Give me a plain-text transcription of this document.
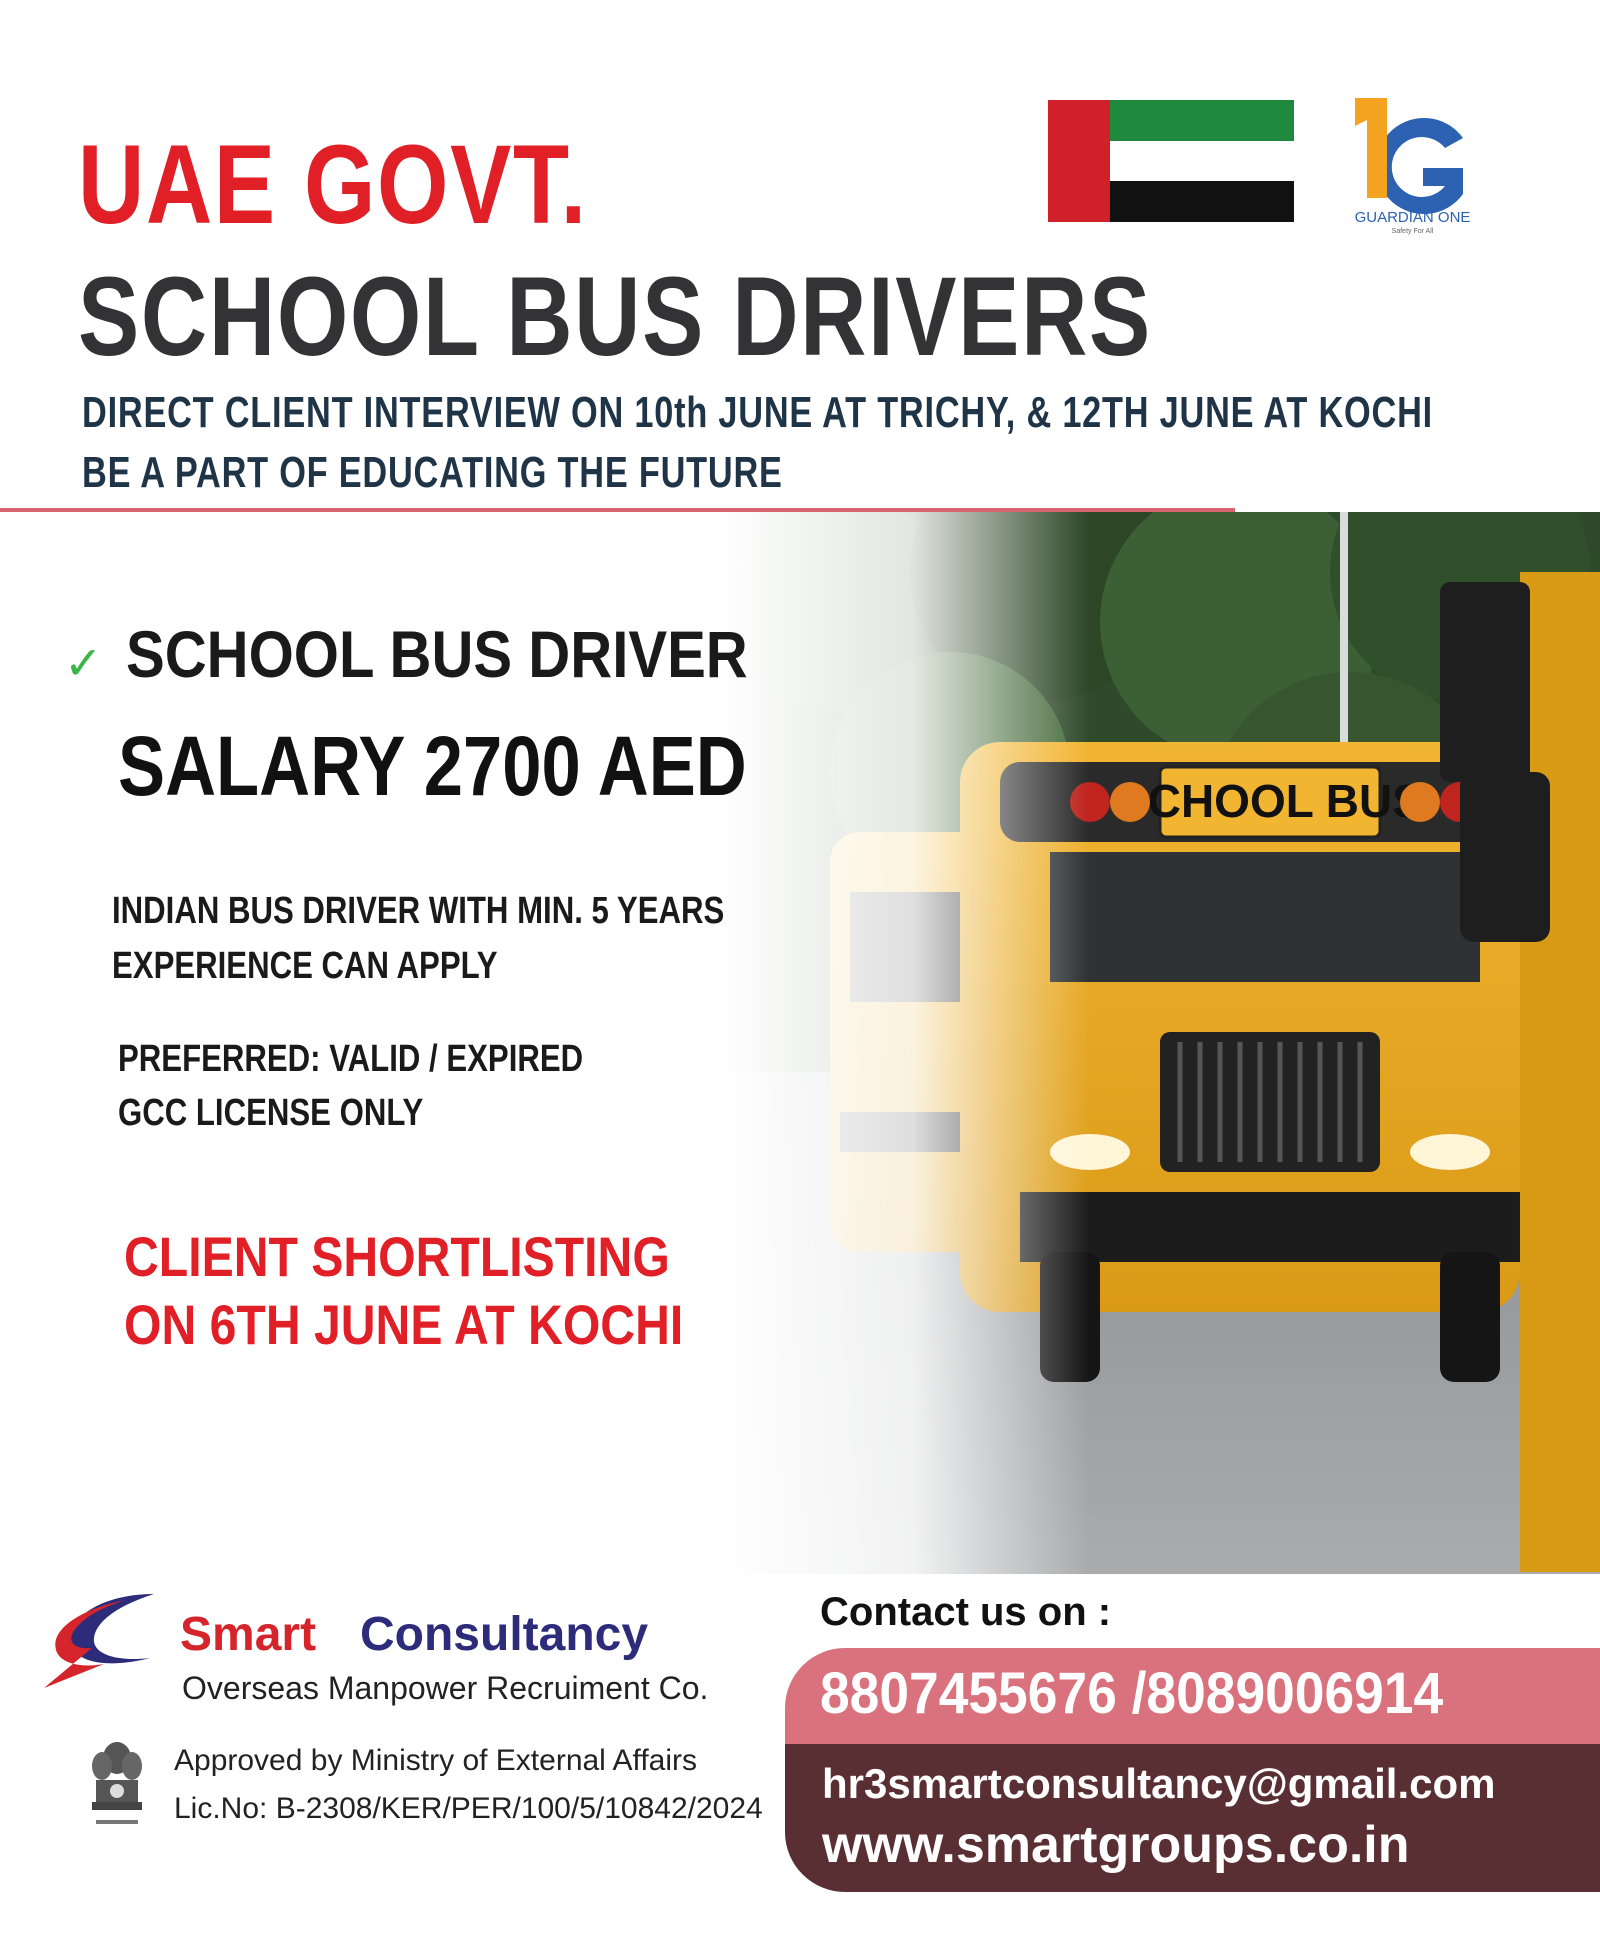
UAE GOVT.
SCHOOL BUS DRIVERS
DIRECT CLIENT INTERVIEW ON 10th JUNE AT TRICHY, & 12TH JUNE AT KOCHI
BE A PART OF EDUCATING THE FUTURE
GUARDIAN ONE
Safety For All
✓ SCHOOL BUS DRIVER
SALARY 2700 AED
INDIAN BUS DRIVER WITH MIN. 5 YEARS
EXPERIENCE CAN APPLY
PREFERRED: VALID / EXPIRED
GCC LICENSE ONLY
CLIENT SHORTLISTING
ON 6TH JUNE AT KOCHI
Smart Consultancy
Overseas Manpower Recruiment Co.
Approved by Ministry of External Affairs
Lic.No: B-2308/KER/PER/100/5/10842/2024
Contact us on :
8807455676 /8089006914
hr3smartconsultancy@gmail.com
www.smartgroups.co.in
